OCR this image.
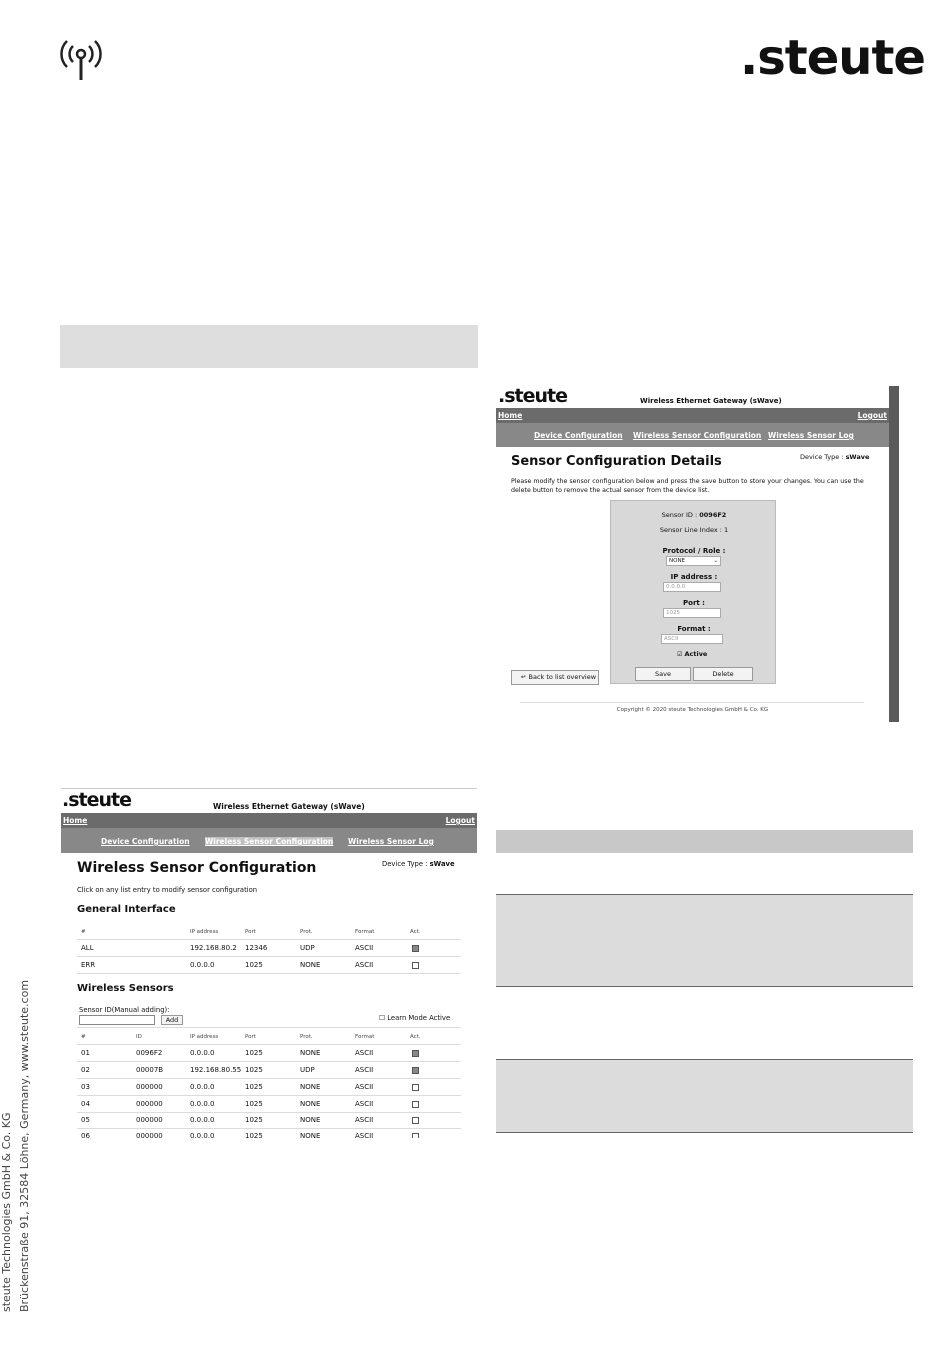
.steute
steute Technologies GmbH & Co. KG Brückenstraße 91, 32584 Löhne, Germany, www.steute.com
.steute	Wireless Ethernet Gateway (sWave)
Home	Logout
Device Configuration Wireless Sensor Configuration Wireless Sensor Log
Sensor Configuration Details	Device Type : sWave
Please modify the sensor configuration below and press the save button to store your changes. You can use the delete button to remove the actual sensor from the device list.
Sensor ID : 0096F2
Sensor Line Index : 1
Protocol / Role :
NONE	⌄
IP address :
0.0.0.0
Port :
1025
Format :
ASCII
☑ Active
Save	Delete
↵ Back to list overview
Copyright © 2020 steute Technologies GmbH & Co. KG
.steute	Wireless Ethernet Gateway (sWave)
Home	Logout
Device Configuration Wireless Sensor Configuration Wireless Sensor Log
Wireless Sensor Configuration	Device Type : sWave
Click on any list entry to modify sensor configuration
General Interface
#	IP address	Port	Prot.	Format	Act.
ALL	192.168.80.2 12346	UDP	ASCII
ERR	0.0.0.0	1025	NONE	ASCII
Wireless Sensors
Sensor ID(Manual adding):
Add	☐ Learn Mode Active
#	ID	IP address	Port	Prot.	Format	Act.
01	0096F2	0.0.0.0	1025	NONE	ASCII
02	00007B	192.168.80.55 1025	UDP	ASCII
03	000000	0.0.0.0	1025	NONE	ASCII
04	000000	0.0.0.0	1025	NONE	ASCII
05	000000	0.0.0.0	1025	NONE	ASCII
06	000000	0.0.0.0	1025	NONE	ASCII
